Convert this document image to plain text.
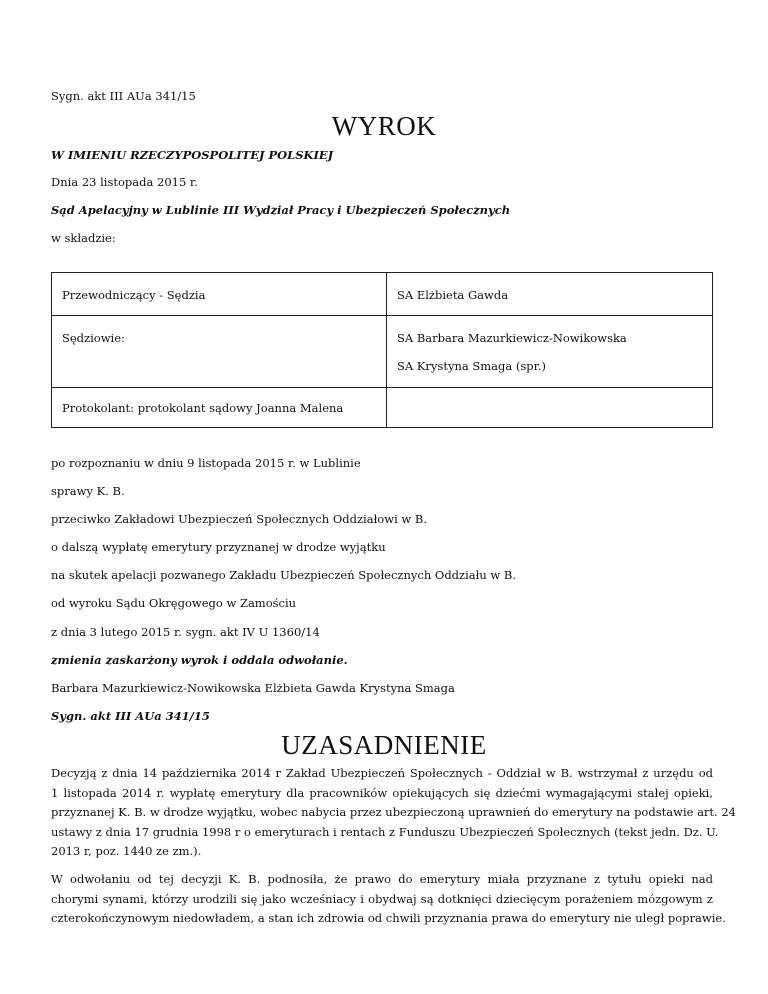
Sygn. akt III AUa 341/15
WYROK
W IMIENIU RZECZYPOSPOLITEJ POLSKIEJ
Dnia 23 listopada 2015 r.
Sąd Apelacyjny w Lublinie III Wydział Pracy i Ubezpieczeń Społecznych
w składzie:

Przewodniczący - Sędzia	SA Elżbieta Gawda

Sędziowie:	SA Barbara Mazurkiewicz-Nowikowska

SA Krystyna Smaga (spr.)

Protokolant: protokolant sądowy Joanna Malena	

po rozpoznaniu w dniu 9 listopada 2015 r. w Lublinie
sprawy K. B.
przeciwko Zakładowi Ubezpieczeń Społecznych Oddziałowi w B.
o dalszą wypłatę emerytury przyznanej w drodze wyjątku
na skutek apelacji pozwanego Zakładu Ubezpieczeń Społecznych Oddziału w B.
od wyroku Sądu Okręgowego w Zamościu
z dnia 3 lutego 2015 r. sygn. akt IV U 1360/14
zmienia zaskarżony wyrok i oddala odwołanie.
Barbara Mazurkiewicz-Nowikowska Elżbieta Gawda Krystyna Smaga
Sygn. akt III AUa 341/15
UZASADNIENIE
Decyzją z dnia 14 października 2014 r Zakład Ubezpieczeń Społecznych - Oddział w B. wstrzymał z urzędu od
1 listopada 2014 r. wypłatę emerytury dla pracowników opiekujących się dziećmi wymagającymi stałej opieki,
przyznanej K. B. w drodze wyjątku, wobec nabycia przez ubezpieczoną uprawnień do emerytury na podstawie art. 24
ustawy z dnia 17 grudnia 1998 r o emeryturach i rentach z Funduszu Ubezpieczeń Społecznych (tekst jedn. Dz. U.
2013 r, poz. 1440 ze zm.).
W odwołaniu od tej decyzji K. B. podnosiła, że prawo do emerytury miała przyznane z tytułu opieki nad
chorymi synami, którzy urodzili się jako wcześniacy i obydwaj są dotknięci dziecięcym porażeniem mózgowym z
czterokończynowym niedowładem, a stan ich zdrowia od chwili przyznania prawa do emerytury nie uległ poprawie.
